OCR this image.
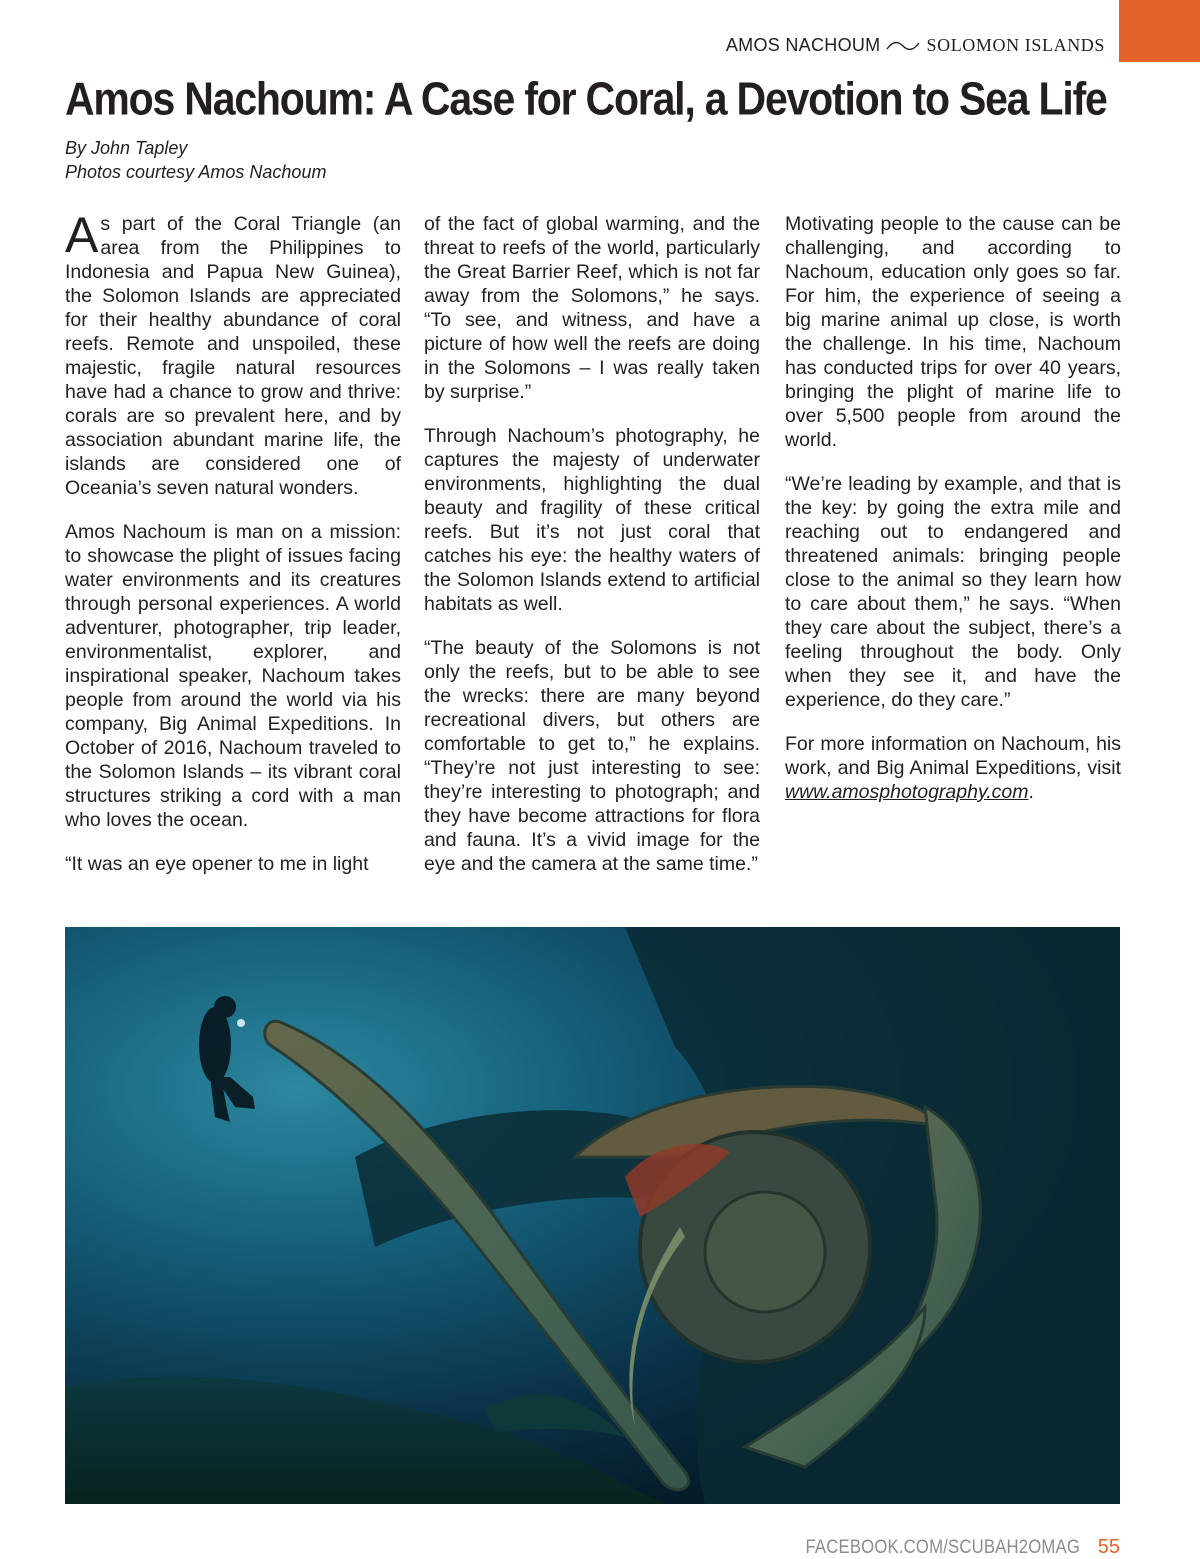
AMOS NACHOUM	SOLOMON ISLANDS
Amos Nachoum: A Case for Coral, a Devotion to Sea Life
By John Tapley
Photos courtesy Amos Nachoum

As part of the Coral Triangle (an area from the Philippines to Indonesia and Papua New Guinea), the Solomon Islands are appreciated for their healthy abundance of coral reefs. Remote and unspoiled, these majestic, fragile natural resources have had a chance to grow and thrive: corals are so prevalent here, and by association abundant marine life, the islands are considered one of Oceania’s seven natural wonders.

Amos Nachoum is man on a mission: to showcase the plight of issues facing water environments and its creatures through personal experiences. A world adventurer, photographer, trip leader, environmentalist, explorer, and inspirational speaker, Nachoum takes people from around the world via his company, Big Animal Expeditions. In October of 2016, Nachoum traveled to the Solomon Islands – its vibrant coral structures striking a cord with a man who loves the ocean.

“It was an eye opener to me in light

of the fact of global warming, and the threat to reefs of the world, particularly the Great Barrier Reef, which is not far away from the Solomons,” he says. “To see, and witness, and have a picture of how well the reefs are doing in the Solomons – I was really taken by surprise.”

Through Nachoum’s photography, he captures the majesty of underwater environments, highlighting the dual beauty and fragility of these critical reefs. But it’s not just coral that catches his eye: the healthy waters of the Solomon Islands extend to artificial habitats as well.

“The beauty of the Solomons is not only the reefs, but to be able to see the wrecks: there are many beyond recreational divers, but others are comfortable to get to,” he explains. “They’re not just interesting to see: they’re interesting to photograph; and they have become attractions for flora and fauna. It’s a vivid image for the eye and the camera at the same time.”

Motivating people to the cause can be challenging, and according to Nachoum, education only goes so far. For him, the experience of seeing a big marine animal up close, is worth the challenge. In his time, Nachoum has conducted trips for over 40 years, bringing the plight of marine life to over 5,500 people from around the world.

“We’re leading by example, and that is the key: by going the extra mile and reaching out to endangered and threatened animals: bringing people close to the animal so they learn how to care about them,” he says. “When they care about the subject, there’s a feeling throughout the body. Only when they see it, and have the experience, do they care.”

For more information on Nachoum, his work, and Big Animal Expeditions, visit www.amosphotography.com.

FACEBOOK.COM/SCUBAH2OMAG 55
